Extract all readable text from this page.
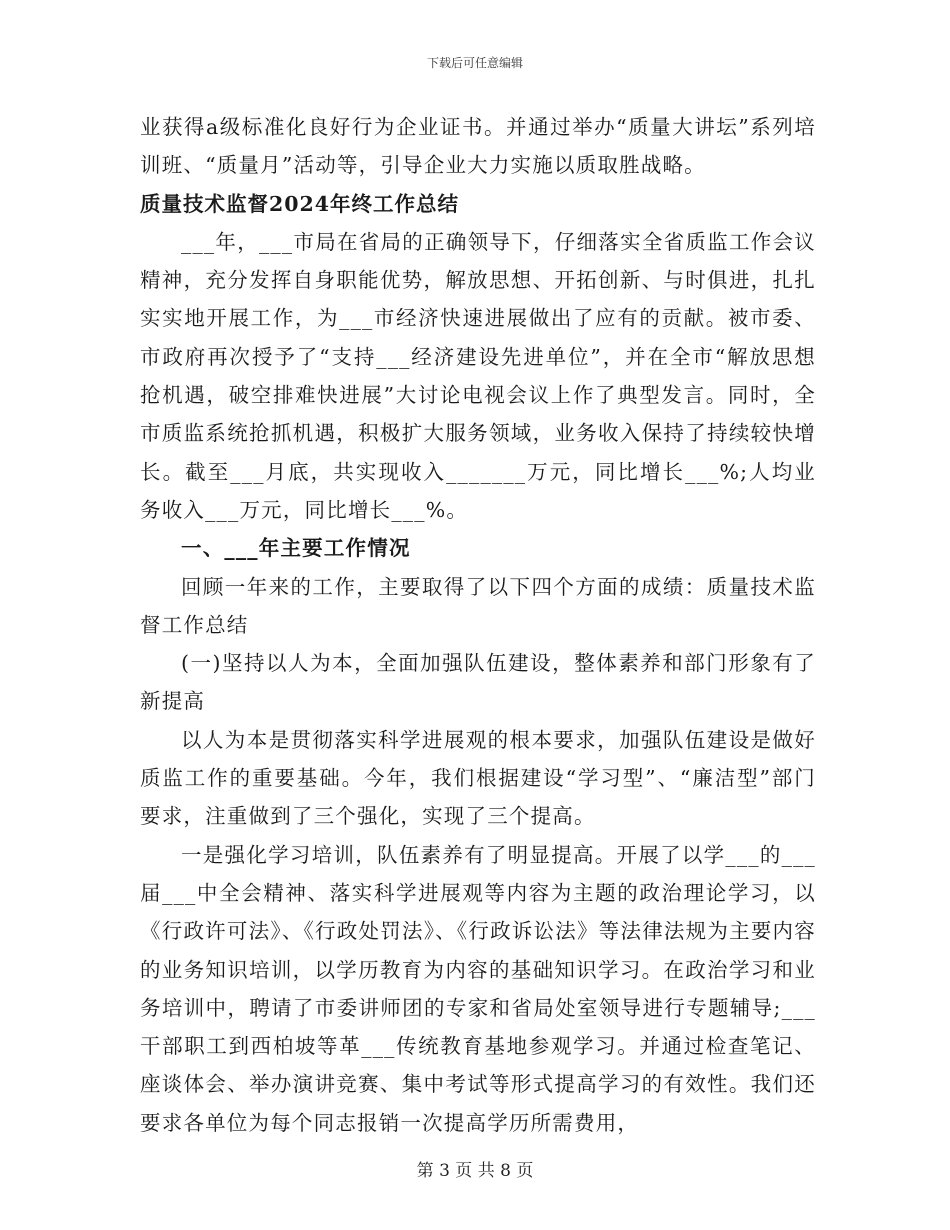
下载后可任意编辑

业获得a级标准化良好行为企业证书。并通过举办“质量大讲坛”系列培训班、“质量月”活动等，引导企业大力实施以质取胜战略。

质量技术监督2024年终工作总结

___年，___市局在省局的正确领导下，仔细落实全省质监工作会议精神，充分发挥自身职能优势，解放思想、开拓创新、与时俱进，扎扎实实地开展工作，为___市经济快速进展做出了应有的贡献。被市委、市政府再次授予了“支持___经济建设先进单位”，并在全市“解放思想抢机遇，破空排难快进展”大讨论电视会议上作了典型发言。同时，全市质监系统抢抓机遇，积极扩大服务领域，业务收入保持了持续较快增长。截至___月底，共实现收入_______万元，同比增长___%;人均业务收入___万元，同比增长___%。

一、___年主要工作情况

回顾一年来的工作，主要取得了以下四个方面的成绩：质量技术监督工作总结

(一)坚持以人为本，全面加强队伍建设，整体素养和部门形象有了新提高

以人为本是贯彻落实科学进展观的根本要求，加强队伍建设是做好质监工作的重要基础。今年，我们根据建设“学习型”、“廉洁型”部门要求，注重做到了三个强化，实现了三个提高。

一是强化学习培训，队伍素养有了明显提高。开展了以学___的___届___中全会精神、落实科学进展观等内容为主题的政治理论学习，以《行政许可法》、《行政处罚法》、《行政诉讼法》等法律法规为主要内容的业务知识培训，以学历教育为内容的基础知识学习。在政治学习和业务培训中，聘请了市委讲师团的专家和省局处室领导进行专题辅导;___干部职工到西柏坡等革___传统教育基地参观学习。并通过检查笔记、座谈体会、举办演讲竞赛、集中考试等形式提高学习的有效性。我们还要求各单位为每个同志报销一次提高学历所需费用，

第 3 页 共 8 页
